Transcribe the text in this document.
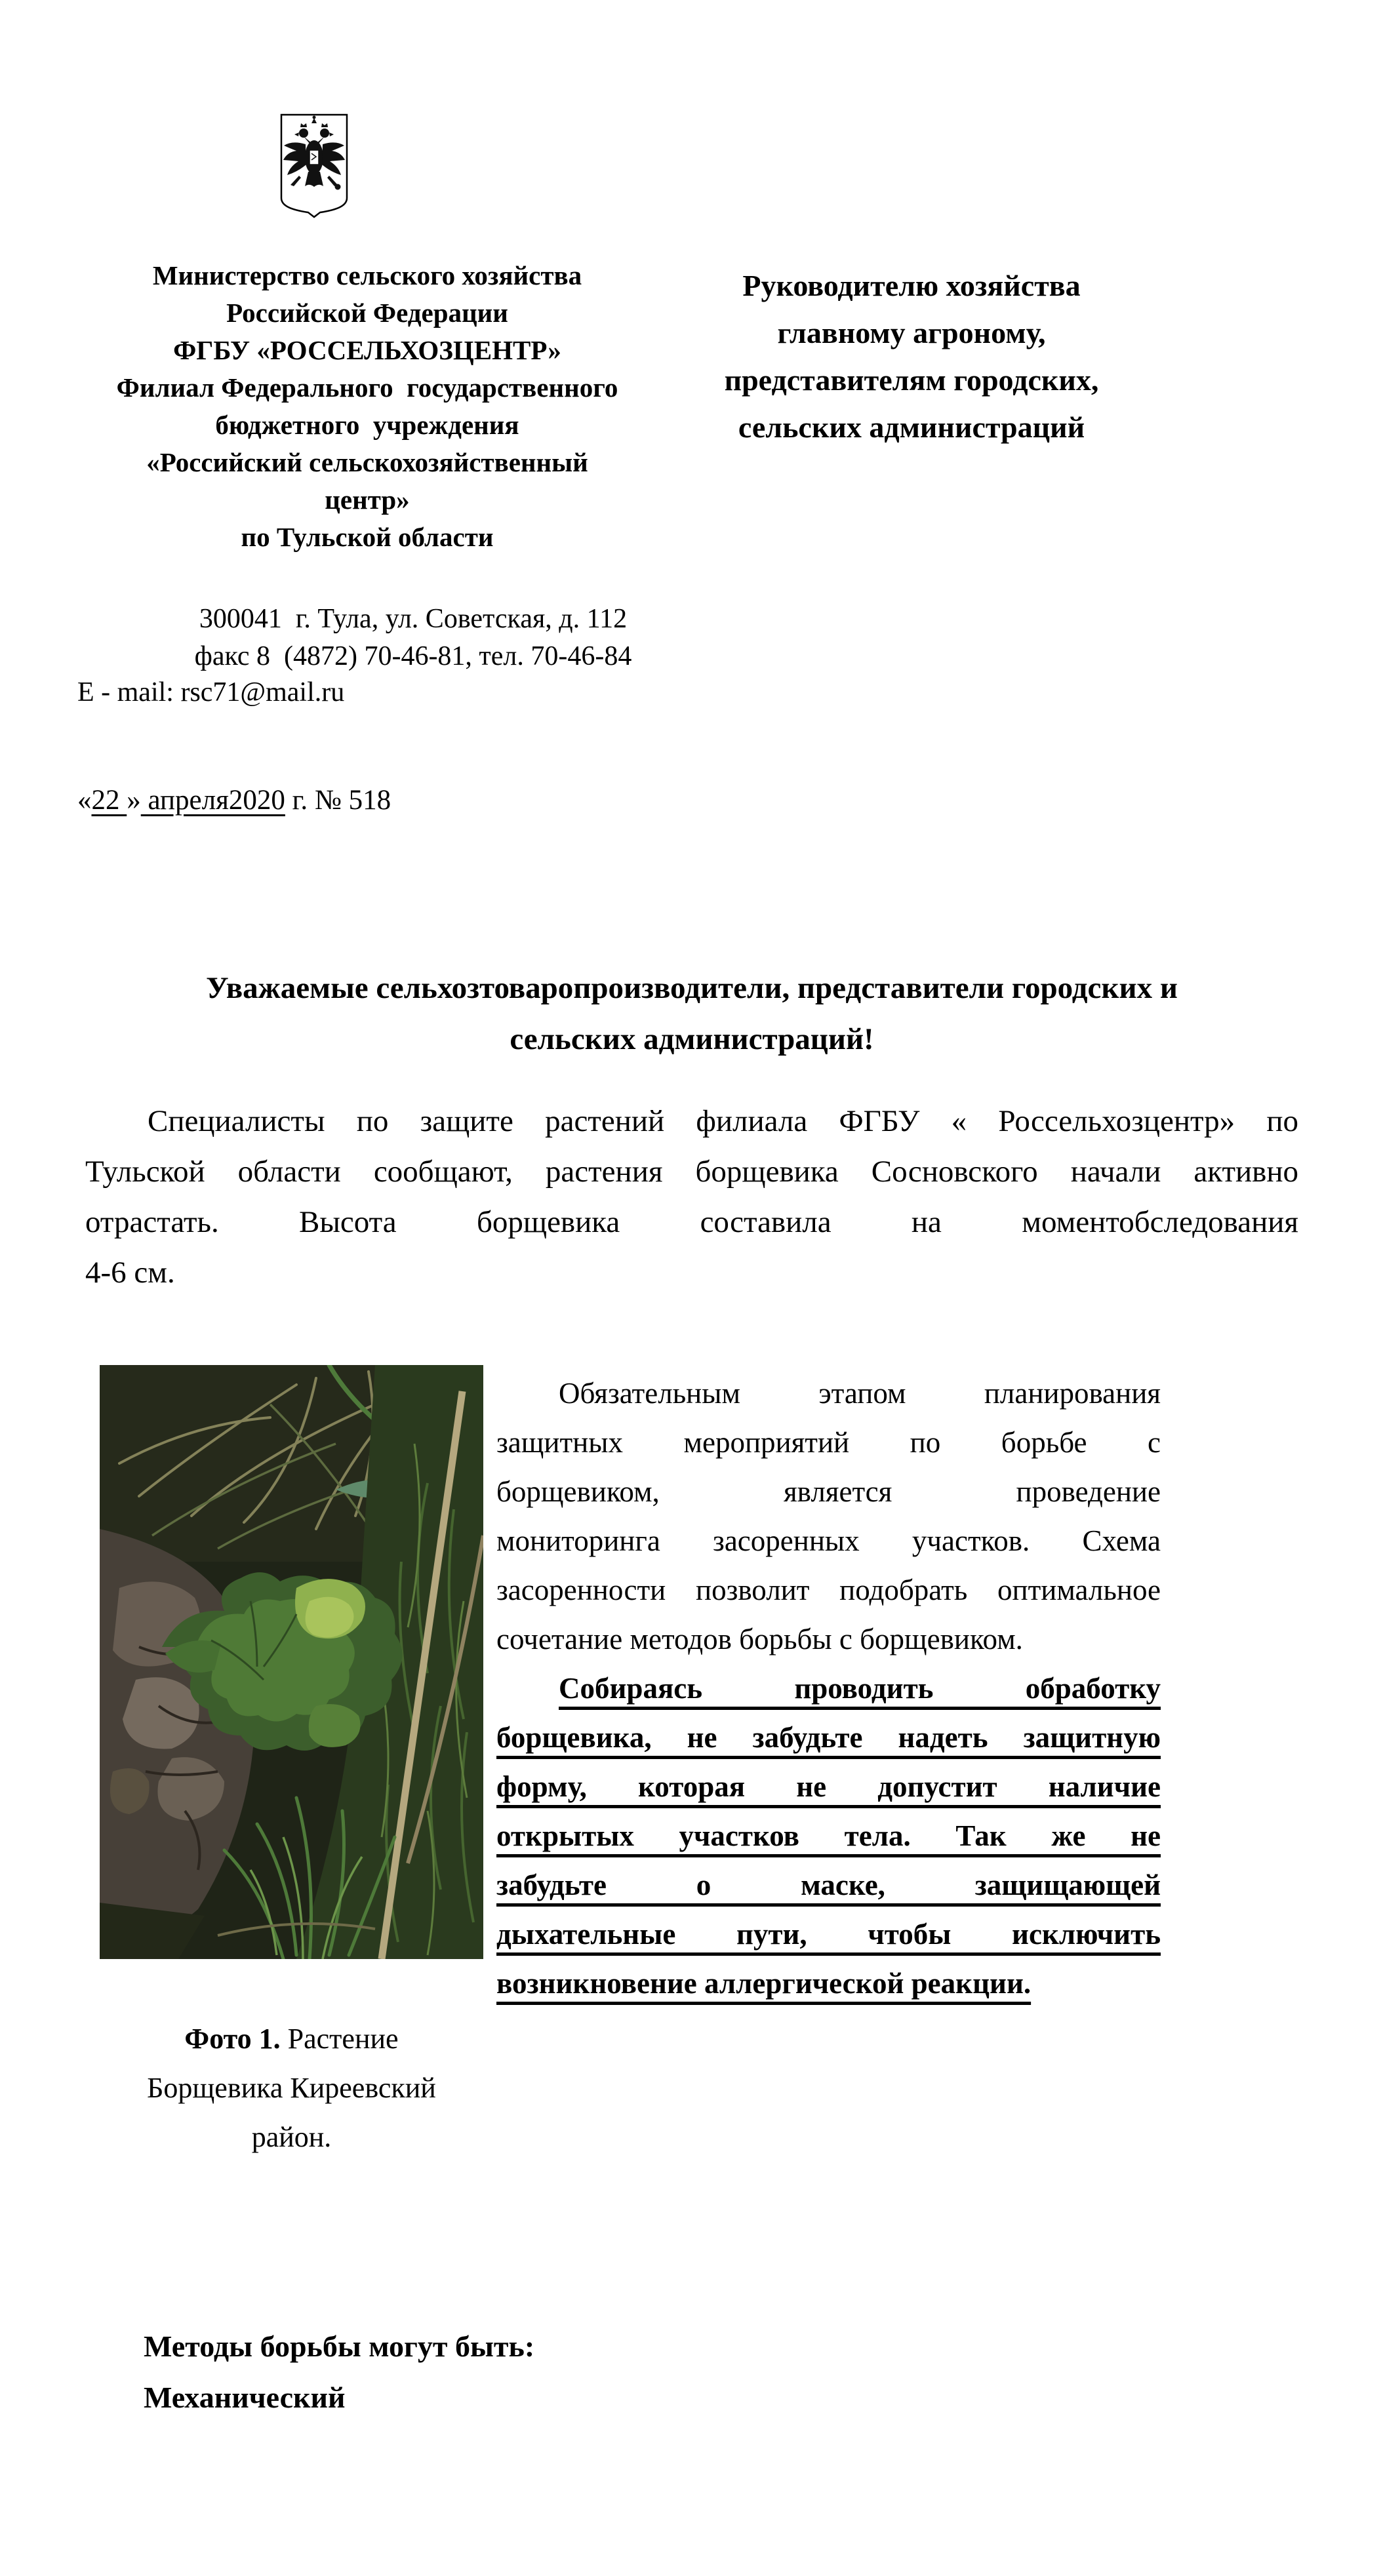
Министерство сельского хозяйства
Российской Федерации
ФГБУ «РОССЕЛЬХОЗЦЕНТР»
Филиал Федерального  государственного
бюджетного  учреждения
«Российский сельскохозяйственный
центр»
по Тульской области
Руководителю хозяйства
главному агроному,
представителям городских,
сельских администраций
300041  г. Тула, ул. Советская, д. 112
факс 8  (4872) 70-46-81, тел. 70-46-84
E - mail: rsc71@mail.ru
«22 » апреля2020 г. № 518
Уважаемые сельхозтоваропроизводители, представители городских и
сельских администраций!
Специалисты по защите растений филиала ФГБУ « Россельхозцентр» по
Тульской области сообщают, растения борщевика Сосновского начали активно
отрастать. Высота борщевика составила на моментобследования
4-6 см.
Обязательным этапом планирования
защитных мероприятий по борьбе с
борщевиком, является проведение
мониторинга засоренных участков. Схема
засоренности позволит подобрать оптимальное
сочетание методов борьбы с борщевиком.
Собираясь проводить обработку
борщевика, не забудьте надеть защитную
форму, которая не допустит наличие
открытых участков тела. Так же не
забудьте о маске, защищающей
дыхательные пути, чтобы исключить
возникновение аллергической реакции.
Фото 1. Растение
Борщевика Киреевский
район.
Методы борьбы могут быть:
Механический
